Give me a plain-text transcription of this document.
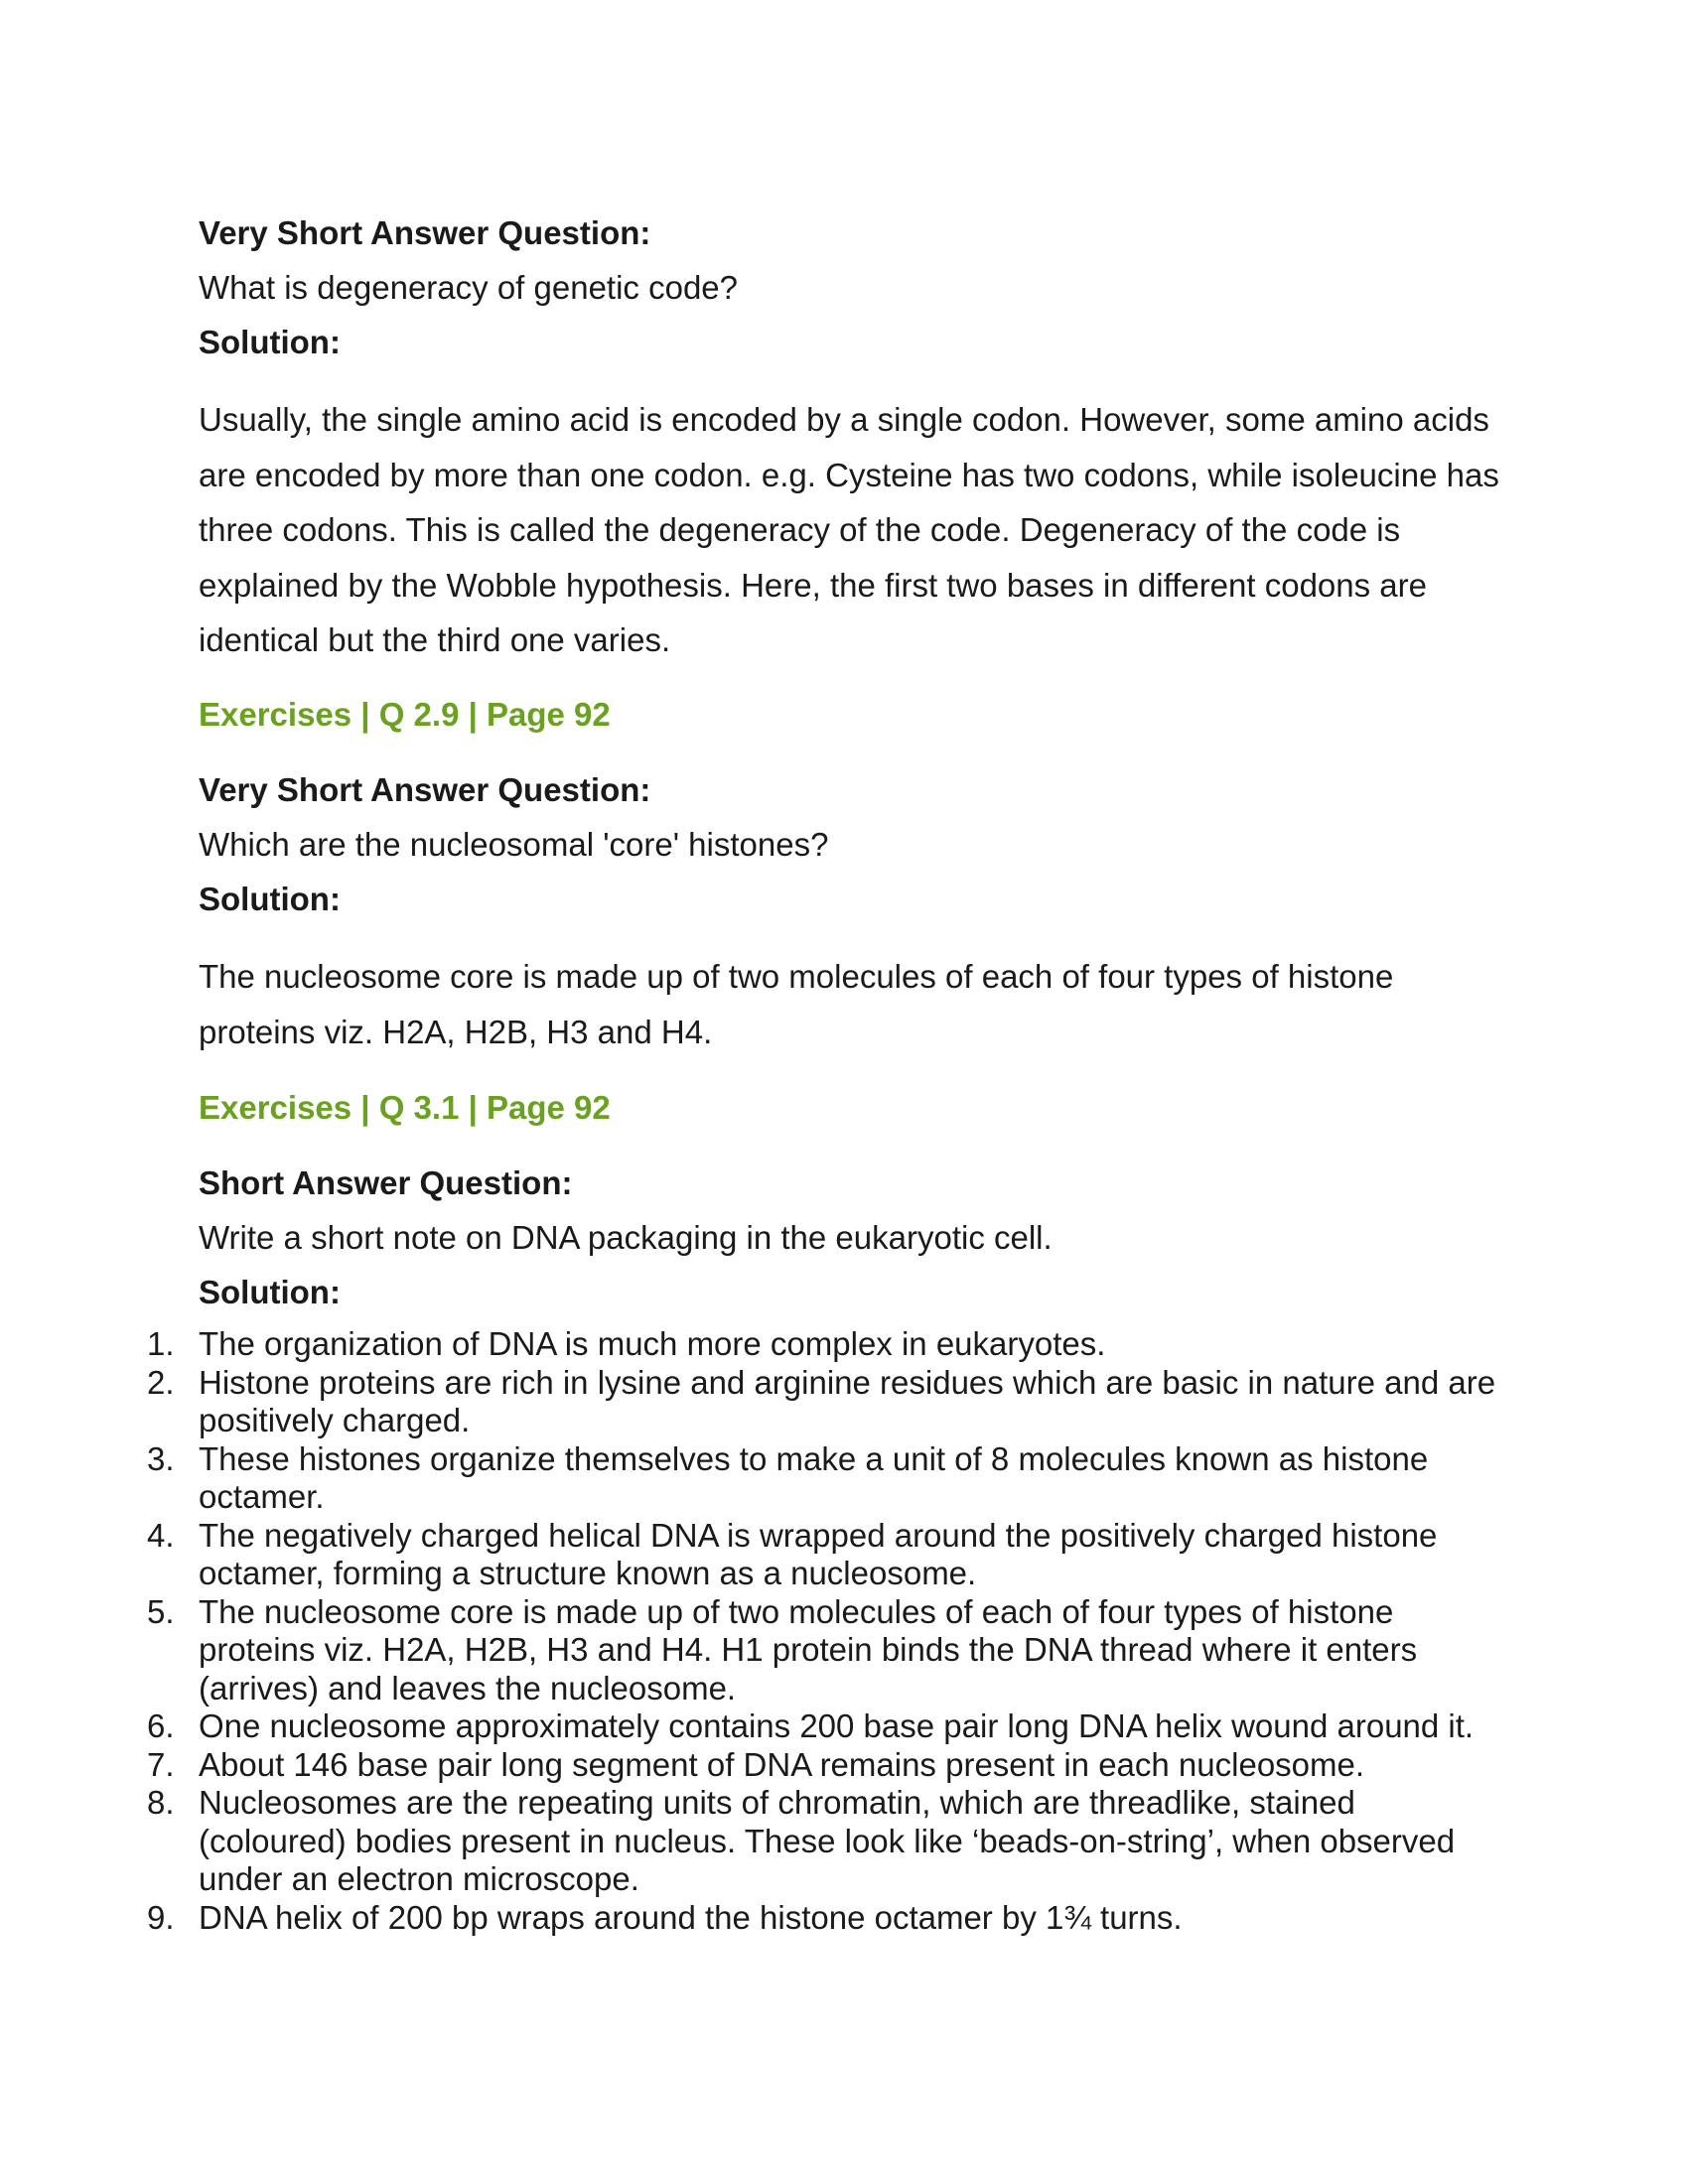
Very Short Answer Question:

What is degeneracy of genetic code?

Solution:

Usually, the single amino acid is encoded by a single codon. However, some amino acids are encoded by more than one codon. e.g. Cysteine has two codons, while isoleucine has three codons. This is called the degeneracy of the code. Degeneracy of the code is explained by the Wobble hypothesis. Here, the first two bases in different codons are identical but the third one varies.

Exercises | Q 2.9 | Page 92

Very Short Answer Question:

Which are the nucleosomal 'core' histones?

Solution:

The nucleosome core is made up of two molecules of each of four types of histone proteins viz. H2A, H2B, H3 and H4.

Exercises | Q 3.1 | Page 92

Short Answer Question:

Write a short note on DNA packaging in the eukaryotic cell.

Solution:

1. The organization of DNA is much more complex in eukaryotes.
2. Histone proteins are rich in lysine and arginine residues which are basic in nature and are positively charged.
3. These histones organize themselves to make a unit of 8 molecules known as histone octamer.
4. The negatively charged helical DNA is wrapped around the positively charged histone octamer, forming a structure known as a nucleosome.
5. The nucleosome core is made up of two molecules of each of four types of histone proteins viz. H2A, H2B, H3 and H4. H1 protein binds the DNA thread where it enters (arrives) and leaves the nucleosome.
6. One nucleosome approximately contains 200 base pair long DNA helix wound around it.
7. About 146 base pair long segment of DNA remains present in each nucleosome.
8. Nucleosomes are the repeating units of chromatin, which are threadlike, stained (coloured) bodies present in nucleus. These look like ‘beads-on-string’, when observed under an electron microscope.
9. DNA helix of 200 bp wraps around the histone octamer by 1¾ turns.
